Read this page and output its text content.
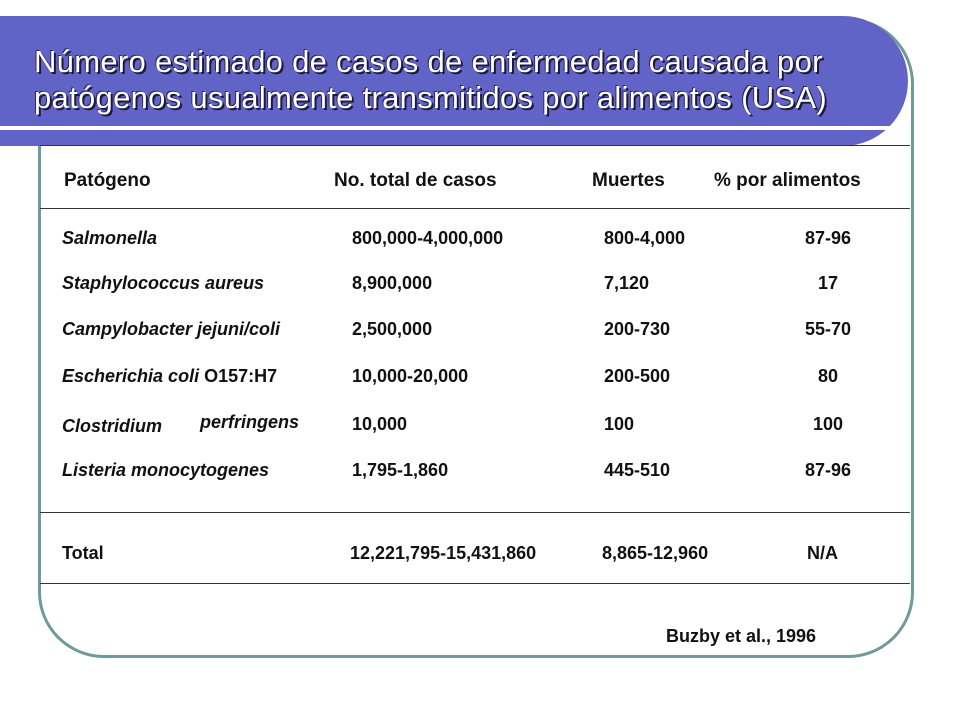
Número estimado de casos de enfermedad causada por
patógenos usualmente transmitidos por alimentos (USA)
Patógeno	No. total de casos	Muertes	% por alimentos
Salmonella	800,000-4,000,000	800-4,000	87-96
Staphylococcus aureus	8,900,000	7,120	17
Campylobacter jejuni/coli	2,500,000	200-730	55-70
Escherichia coli O157:H7	10,000-20,000	200-500	80
Clostridium perfringens	10,000	100	100
Listeria monocytogenes	1,795-1,860	445-510	87-96
Total	12,221,795-15,431,860	8,865-12,960	N/A
Buzby et al., 1996
